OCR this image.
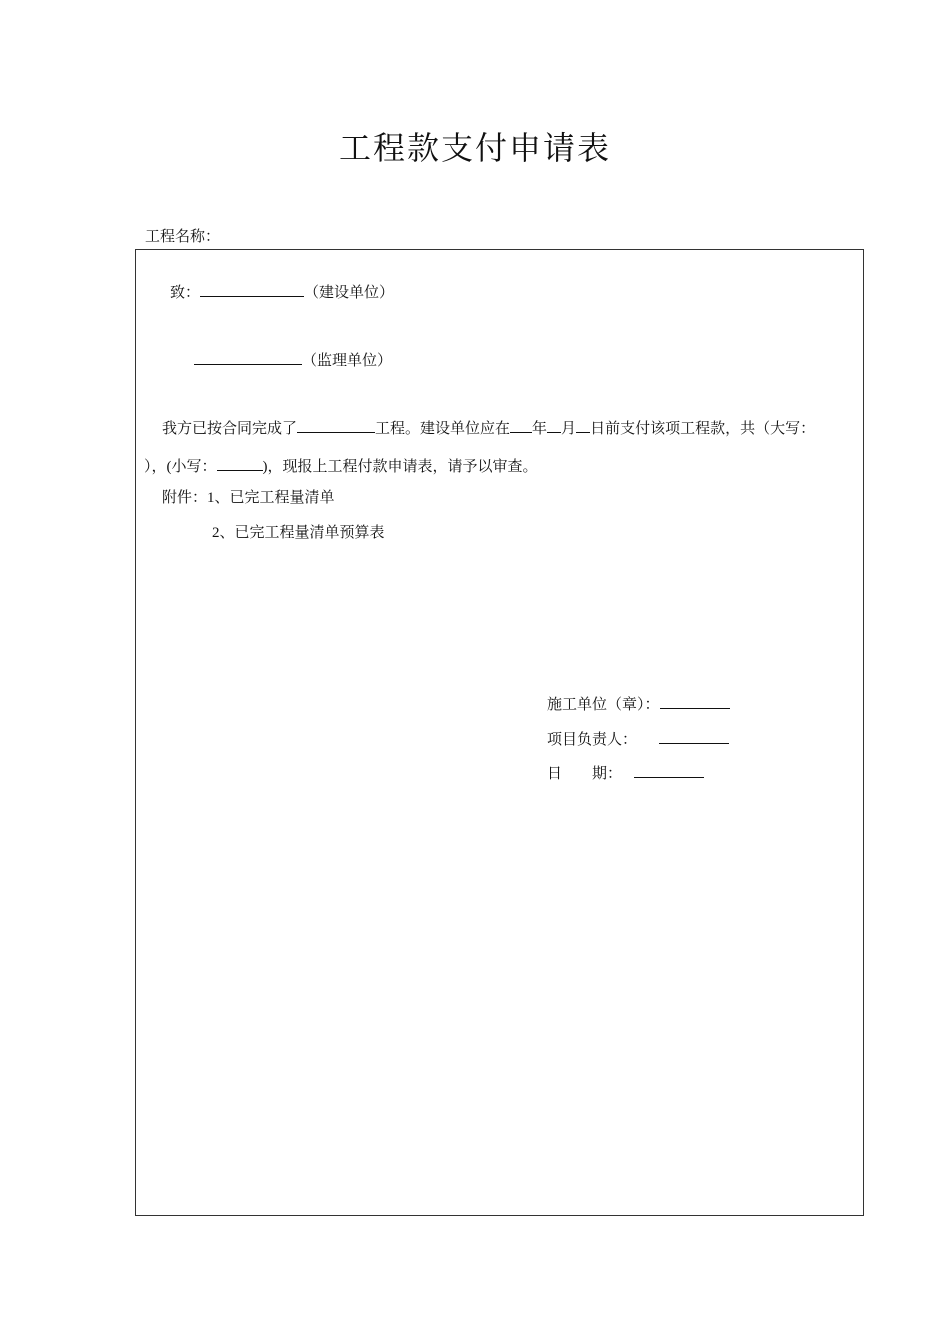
工程款支付申请表
工程名称：
致：	（建设单位）
（监理单位）
我方已按合同完成了	工程。建设单位应在 年 月 日前支付该项工程款，共（大写：
），(小写：	)，现报上工程付款申请表，请予以审查。
附件：1、已完工程量清单
2、已完工程量清单预算表
施工单位（章）：
项目负责人：
日　　期：
